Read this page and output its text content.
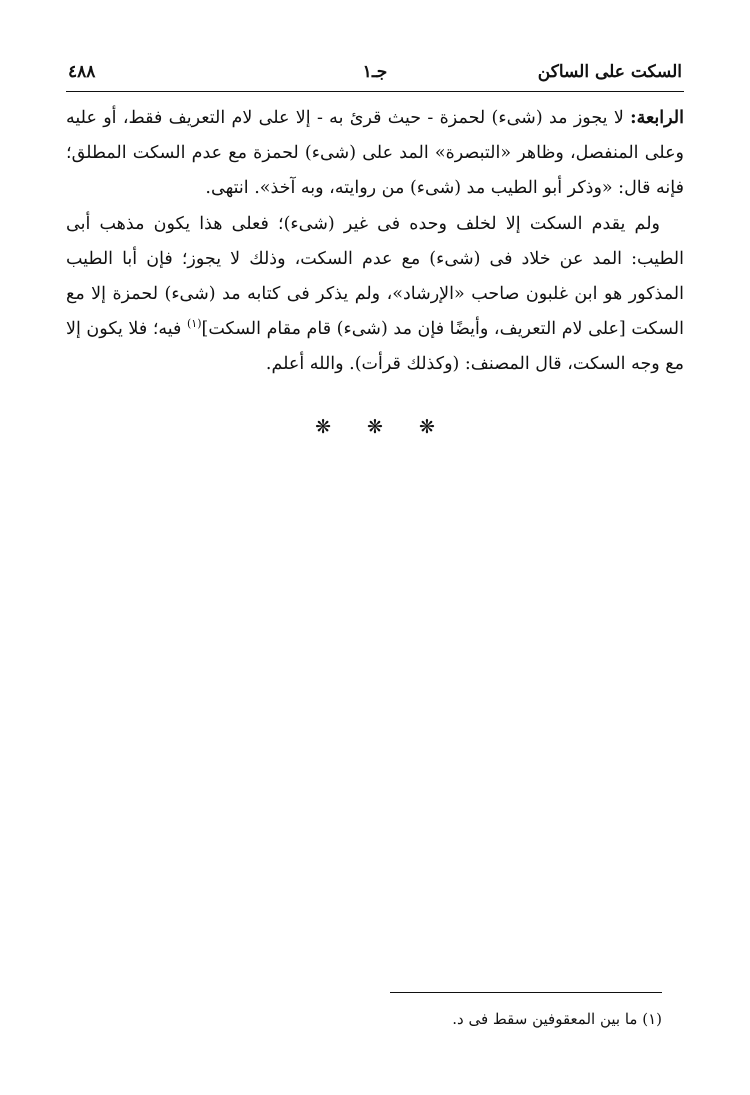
السكت على الساكن
جـ١
٤٨٨

الرابعة: لا يجوز مد (شىء) لحمزة - حيث قرئ به - إلا على لام التعريف فقط، أو عليه وعلى المنفصل، وظاهر «التبصرة» المد على (شىء) لحمزة مع عدم السكت المطلق؛ فإنه قال: «وذكر أبو الطيب مد (شىء) من روايته، وبه آخذ». انتهى.

ولم يقدم السكت إلا لخلف وحده فى غير (شىء)؛ فعلى هذا يكون مذهب أبى الطيب: المد عن خلاد فى (شىء) مع عدم السكت، وذلك لا يجوز؛ فإن أبا الطيب المذكور هو ابن غلبون صاحب «الإرشاد»، ولم يذكر فى كتابه مد (شىء) لحمزة إلا مع السكت [على لام التعريف، وأيضًا فإن مد (شىء) قام مقام السكت]$^{(١)}$ فيه؛ فلا يكون إلا مع وجه السكت، قال المصنف: (وكذلك قرأت). والله أعلم.

❋ ❋ ❋
(١) ما بين المعقوفين سقط فى د.
